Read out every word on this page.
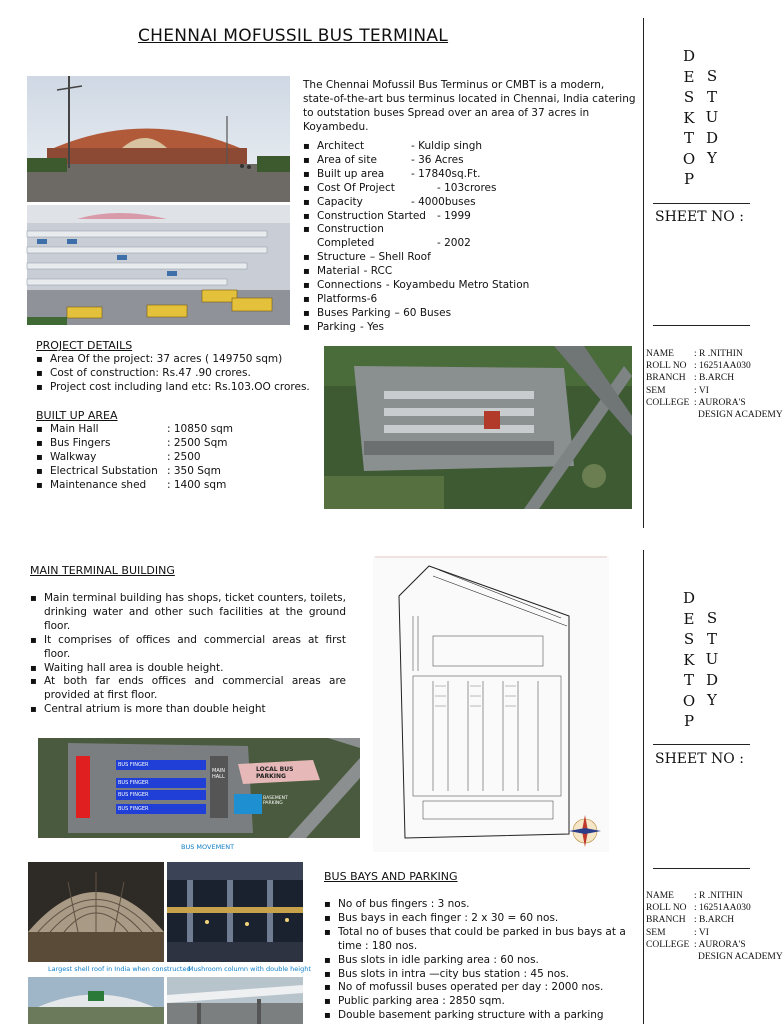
CHENNAI MOFUSSIL BUS TERMINAL

The Chennai Mofussil Bus Terminus or CMBT is a modern, state-of-the-art bus terminus located in Chennai, India catering to outstation buses Spread over an area of 37 acres in Koyambedu.

▪ Architect	- Kuldip singh
▪ Area of site	- 36 Acres
▪ Built up area	- 17840sq.Ft.
▪ Cost Of Project	- 103crores
▪ Capacity	- 4000buses
▪ Construction Started - 1999
▪ Construction Completed	- 2002
▪ Structure – Shell Roof
▪ Material - RCC
▪ Connections - Koyambedu Metro Station
▪ Platforms-6
▪ Buses Parking – 60 Buses
▪ Parking - Yes
PROJECT DETAILS
▪ Area Of the project: 37 acres ( 149750 sqm)
▪ Cost of construction: Rs.47 .90 crores.
▪ Project cost including land etc: Rs.103.OO crores.
BUILT UP AREA
▪ Main Hall	: 10850 sqm
▪ Bus Fingers	: 2500 Sqm
▪ Walkway	: 2500
▪ Electrical Substation : 350 Sqm
▪ Maintenance shed : 1400 sqm
D
E
S
K
T
O
P
S
T
U
D
Y
SHEET NO :
NAME : R .NITHIN
ROLL NO : 16251AA030
BRANCH : B.ARCH
SEM	: VI
COLLEGE : AURORA'S
DESIGN ACADEMY
MAIN TERMINAL BUILDING
▪ Main terminal building has shops, ticket counters, toilets, drinking water and other such facilities at the ground floor.
▪ It comprises of offices and commercial areas at first floor.
▪ Waiting hall area is double height.
▪ At both far ends offices and commercial areas are provided at first floor.
▪ Central atrium is more than double height
BUS FINGER
BUS FINGER
BUS FINGER
BUS FINGER
MAIN HALL
LOCAL BUS PARKING
BASEMENT PARKING
BUS MOVEMENT
Largest shell roof in India when constructed
Mushroom column with double height
BUS BAYS AND PARKING
▪ No of bus fingers : 3 nos.
▪ Bus bays in each finger : 2 x 30 = 60 nos.
▪ Total no of buses that could be parked in bus bays at a time : 180 nos.
▪ Bus slots in idle parking area : 60 nos.
▪ Bus slots in intra —city bus station : 45 nos.
▪ No of mofussil buses operated per day : 2000 nos.
▪ Public parking area : 2850 sqm.
▪ Double basement parking structure with a parking
D
E
S
K
T
O
P
S
T
U
D
Y
SHEET NO :
NAME : R .NITHIN
ROLL NO : 16251AA030
BRANCH : B.ARCH
SEM	: VI
COLLEGE : AURORA'S
DESIGN ACADEMY
